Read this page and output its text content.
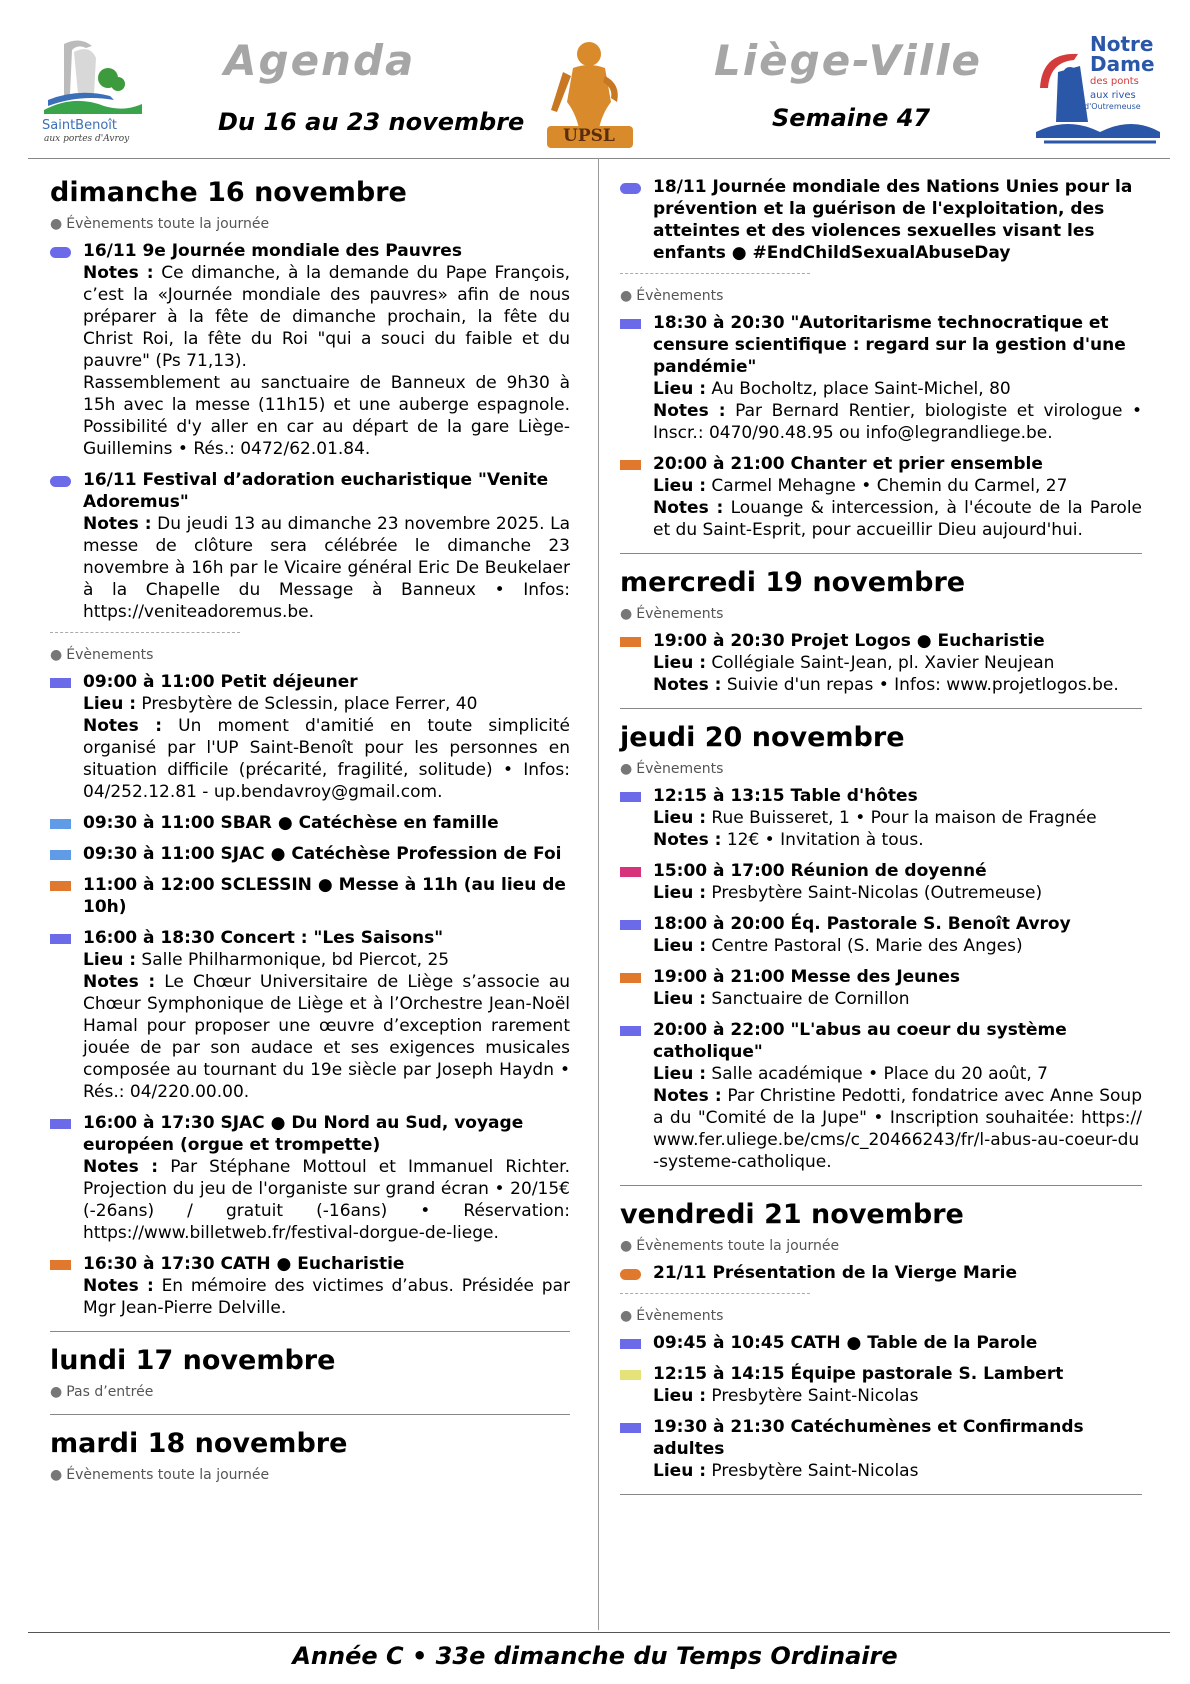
SaintBenoît
aux portes d'Avroy
Agenda
Du 16 au 23 novembre UPSL
Liège-Ville
Semaine 47
Notre
Dame
des ponts
aux rives
d'Outremeuse
dimanche 16 novembre
● Évènements toute la journée
16/11 9e Journée mondiale des Pauvres
Notes : Ce dimanche, à la demande du Pape François, c’est la «Journée mondiale des pauvres» afin de nous préparer à la fête de dimanche prochain, la fête du Christ Roi, la fête du Roi "qui a souci du faible et du pauvre" (Ps 71,13).
Rassemblement au sanctuaire de Banneux de 9h30 à 15h avec la messe (11h15) et une auberge espagnole. Possibilité d'y aller en car au départ de la gare Liège-Guillemins • Rés.: 0472/62.01.84.
16/11 Festival d’adoration eucharistique "Venite Adoremus"
Notes : Du jeudi 13 au dimanche 23 novembre 2025. La messe de clôture sera célébrée le dimanche 23 novembre à 16h par le Vicaire général Eric De Beukelaer à la Chapelle du Message à Banneux • Infos: https://veniteadoremus.be.
● Évènements
09:00 à 11:00 Petit déjeuner
Lieu : Presbytère de Sclessin, place Ferrer, 40
Notes : Un moment d'amitié en toute simplicité organisé par l'UP Saint-Benoît pour les personnes en situation difficile (précarité, fragilité, solitude) • Infos: 04/252.12.81 - up.bendavroy@gmail.com.
09:30 à 11:00 SBAR ● Catéchèse en famille
09:30 à 11:00 SJAC ● Catéchèse Profession de Foi
11:00 à 12:00 SCLESSIN ● Messe à 11h (au lieu de 10h)
16:00 à 18:30 Concert : "Les Saisons"
Lieu : Salle Philharmonique, bd Piercot, 25
Notes : Le Chœur Universitaire de Liège s’associe au Chœur Symphonique de Liège et à l’Orchestre Jean-Noël Hamal pour proposer une œuvre d’exception rarement jouée de par son audace et ses exigences musicales composée au tournant du 19e siècle par Joseph Haydn • Rés.: 04/220.00.00.
16:00 à 17:30 SJAC ● Du Nord au Sud, voyage européen (orgue et trompette)
Notes : Par Stéphane Mottoul et Immanuel Richter. Projection du jeu de l'organiste sur grand écran • 20/15€ (-26ans) / gratuit (-16ans) • Réservation: https://www.billetweb.fr/festival-dorgue-de-liege.
16:30 à 17:30 CATH ● Eucharistie
Notes : En mémoire des victimes d’abus. Présidée par Mgr Jean-Pierre Delville.
lundi 17 novembre
● Pas d’entrée
mardi 18 novembre
● Évènements toute la journée
18/11 Journée mondiale des Nations Unies pour la prévention et la guérison de l'exploitation, des atteintes et des violences sexuelles visant les enfants ● #EndChildSexualAbuseDay
● Évènements
18:30 à 20:30 "Autoritarisme technocratique et censure scientifique : regard sur la gestion d'une pandémie"
Lieu : Au Bocholtz, place Saint-Michel, 80
Notes : Par Bernard Rentier, biologiste et virologue • Inscr.: 0470/90.48.95 ou info@legrandliege.be.
20:00 à 21:00 Chanter et prier ensemble
Lieu : Carmel Mehagne • Chemin du Carmel, 27
Notes : Louange & intercession, à l'écoute de la Parole et du Saint-Esprit, pour accueillir Dieu aujourd'hui.
mercredi 19 novembre
● Évènements
19:00 à 20:30 Projet Logos ● Eucharistie
Lieu : Collégiale Saint-Jean, pl. Xavier Neujean
Notes : Suivie d'un repas • Infos: www.projetlogos.be.
jeudi 20 novembre
● Évènements
12:15 à 13:15 Table d'hôtes
Lieu : Rue Buisseret, 1 • Pour la maison de Fragnée
Notes : 12€ • Invitation à tous.
15:00 à 17:00 Réunion de doyenné
Lieu : Presbytère Saint-Nicolas (Outremeuse)
18:00 à 20:00 Éq. Pastorale S. Benoît Avroy
Lieu : Centre Pastoral (S. Marie des Anges)
19:00 à 21:00 Messe des Jeunes
Lieu : Sanctuaire de Cornillon
20:00 à 22:00 "L'abus au coeur du système catholique"
Lieu : Salle académique • Place du 20 août, 7
Notes : Par Christine Pedotti, fondatrice avec Anne Soupa du "Comité de la Jupe" • Inscription souhaitée: https://www.fer.uliege.be/cms/c_20466243/fr/l-abus-au-coeur-du-systeme-catholique.
vendredi 21 novembre
● Évènements toute la journée
21/11 Présentation de la Vierge Marie
● Évènements
09:45 à 10:45 CATH ● Table de la Parole
12:15 à 14:15 Équipe pastorale S. Lambert
Lieu : Presbytère Saint-Nicolas
19:30 à 21:30 Catéchumènes et Confirmands adultes
Lieu : Presbytère Saint-Nicolas
Année C • 33e dimanche du Temps Ordinaire
